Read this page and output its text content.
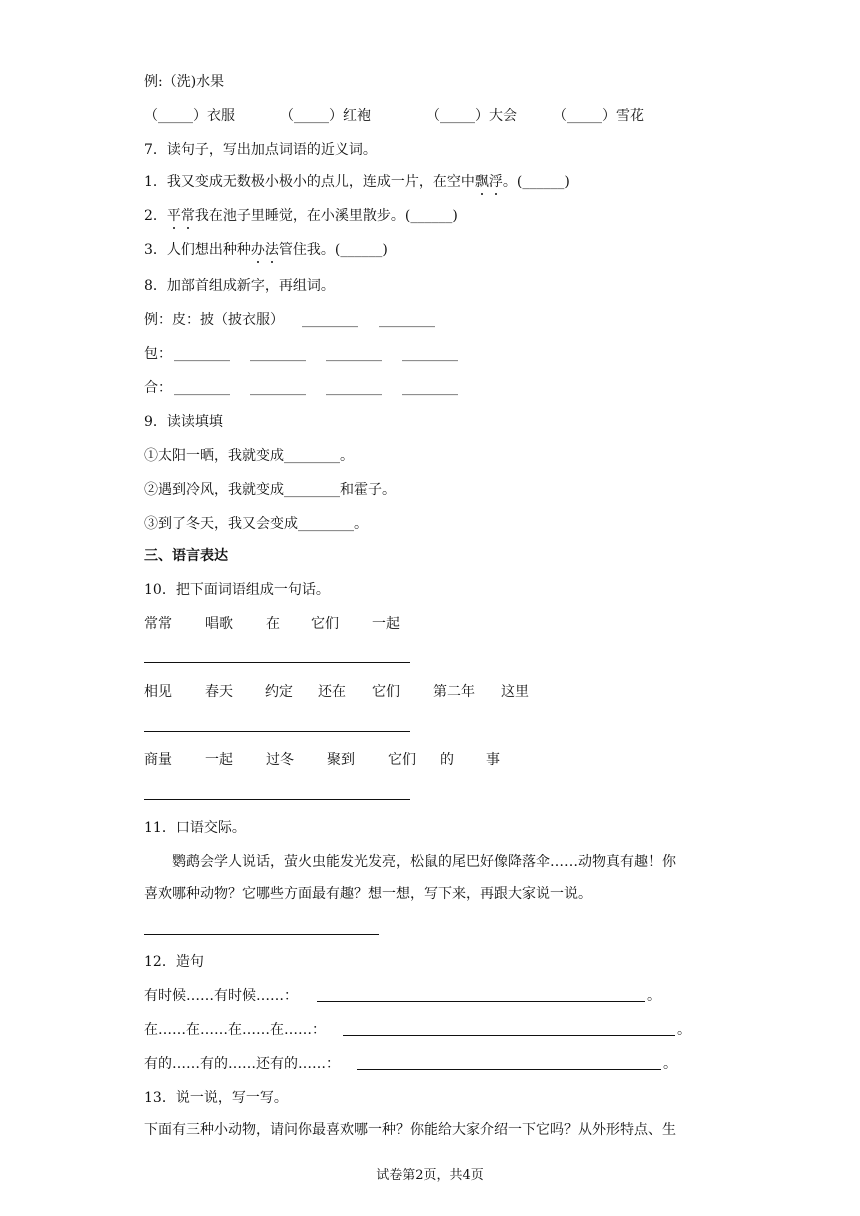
例:（洗)水果
（_____）衣服	（_____）红袍	（_____）大会	（_____）雪花
7．读句子，写出加点词语的近义词。
1．我又变成无数极小极小的点儿，连成一片，在空中飘浮。(______)
2．平常我在池子里睡觉，在小溪里散步。(______)
3．人们想出种种办法管住我。(______)
8．加部首组成新字，再组词。
例：皮：披（披衣服） ________ ________
包： ________ ________ ________ ________
合： ________ ________ ________ ________
9．读读填填
①太阳一晒，我就变成________。
②遇到冷风，我就变成________和霍子。
③到了冬天，我又会变成________。
三、语言表达
10．把下面词语组成一句话。
常常 唱歌 在 它们 一起
相见 春天 约定 还在 它们 第二年 这里
商量 一起 过冬 聚到 它们 的 事
11．口语交际。
鹦鹉会学人说话，萤火虫能发光发亮，松鼠的尾巴好像降落伞……动物真有趣！你
喜欢哪种动物？它哪些方面最有趣？想一想，写下来，再跟大家说一说。
12．造句
有时候……有时候……：	。
在……在……在……在……：	。
有的……有的……还有的……：	。
13．说一说，写一写。
下面有三种小动物，请问你最喜欢哪一种？你能给大家介绍一下它吗？从外形特点、生
试卷第2页，共4页
